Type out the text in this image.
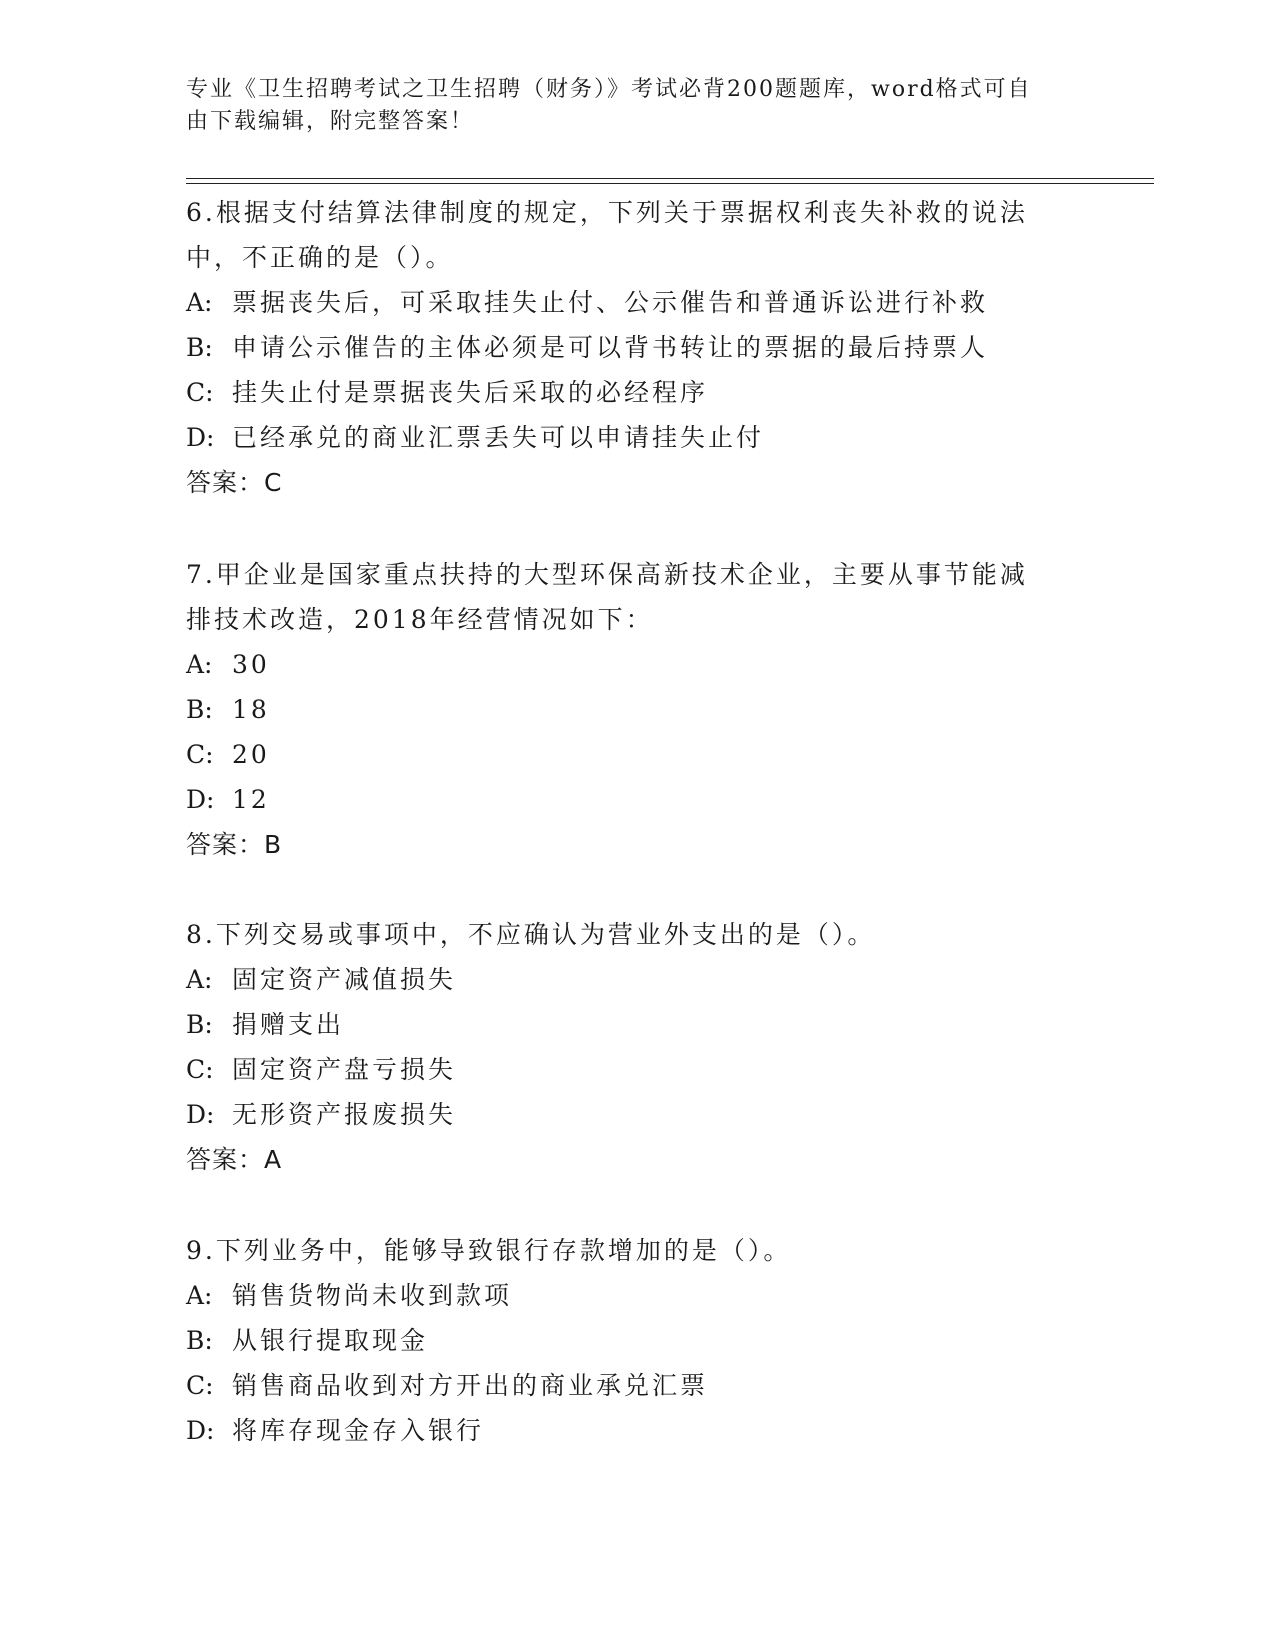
专业《卫生招聘考试之卫生招聘（财务）》考试必背200题题库，word格式可自
由下载编辑，附完整答案！

6.根据支付结算法律制度的规定，下列关于票据权利丧失补救的说法

中，不正确的是（）。

A: 票据丧失后，可采取挂失止付、公示催告和普通诉讼进行补救

B: 申请公示催告的主体必须是可以背书转让的票据的最后持票人

C: 挂失止付是票据丧失后采取的必经程序

D: 已经承兑的商业汇票丢失可以申请挂失止付

答案：C

7.甲企业是国家重点扶持的大型环保高新技术企业，主要从事节能减

排技术改造，2018年经营情况如下：

A: 30

B: 18

C: 20

D: 12

答案：B

8.下列交易或事项中，不应确认为营业外支出的是（）。

A: 固定资产减值损失

B: 捐赠支出

C: 固定资产盘亏损失

D: 无形资产报废损失

答案：A

9.下列业务中，能够导致银行存款增加的是（）。

A: 销售货物尚未收到款项

B: 从银行提取现金

C: 销售商品收到对方开出的商业承兑汇票

D: 将库存现金存入银行
